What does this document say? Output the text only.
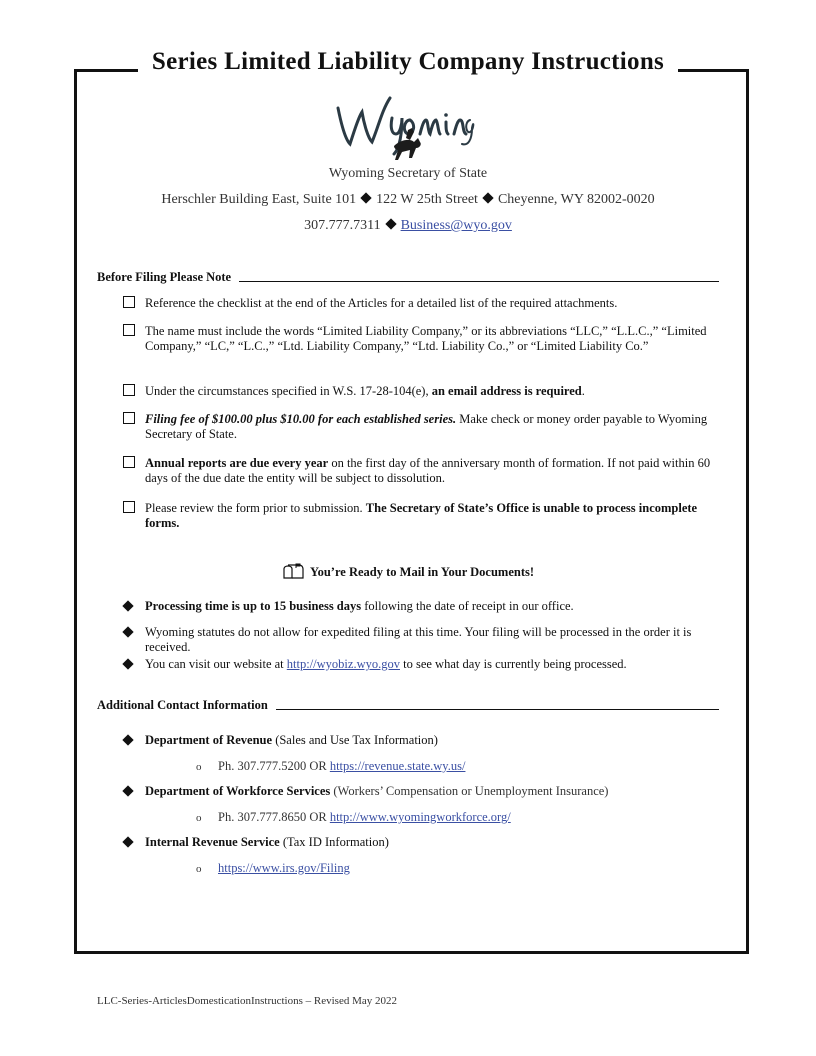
Series Limited Liability Company Instructions
Wyoming
Wyoming Secretary of State
Herschler Building East, Suite 101 122 W 25th Street Cheyenne, WY 82002-0020
307.777.7311 Business@wyo.gov
Before Filing Please Note
Reference the checklist at the end of the Articles for a detailed list of the required attachments.
The name must include the words “Limited Liability Company,” or its abbreviations “LLC,” “L.L.C.,” “Limited Company,” “LC,” “L.C.,” “Ltd. Liability Company,” “Ltd. Liability Co.,” or “Limited Liability Co.”
Under the circumstances specified in W.S. 17-28-104(e), an email address is required.
Filing fee of $100.00 plus $10.00 for each established series. Make check or money order payable to Wyoming Secretary of State.
Annual reports are due every year on the first day of the anniversary month of formation. If not paid within 60 days of the due date the entity will be subject to dissolution.
Please review the form prior to submission. The Secretary of State’s Office is unable to process incomplete forms.
You’re Ready to Mail in Your Documents!
Processing time is up to 15 business days following the date of receipt in our office.
Wyoming statutes do not allow for expedited filing at this time. Your filing will be processed in the order it is received.
You can visit our website at http://wyobiz.wyo.gov to see what day is currently being processed.
Additional Contact Information
Department of Revenue (Sales and Use Tax Information)
o Ph. 307.777.5200 OR https://revenue.state.wy.us/
Department of Workforce Services (Workers’ Compensation or Unemployment Insurance)
o Ph. 307.777.8650 OR http://www.wyomingworkforce.org/
Internal Revenue Service (Tax ID Information)
o https://www.irs.gov/Filing
LLC-Series-ArticlesDomesticationInstructions – Revised May 2022
